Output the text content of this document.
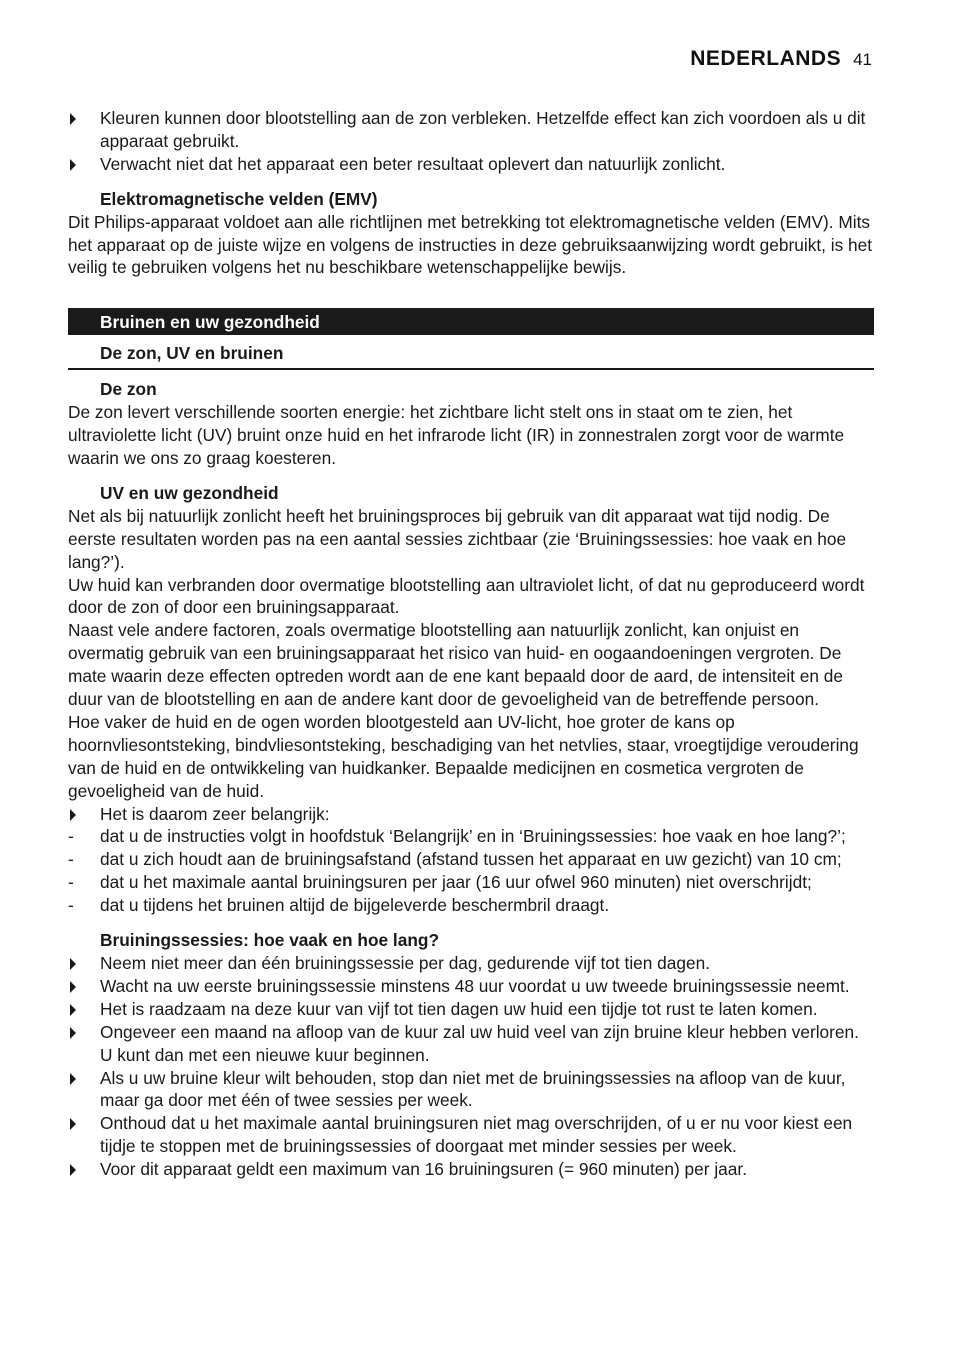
NEDERLANDS 41
Kleuren kunnen door blootstelling aan de zon verbleken. Hetzelfde effect kan zich voordoen als u dit apparaat gebruikt.
Verwacht niet dat het apparaat een beter resultaat oplevert dan natuurlijk zonlicht.
Elektromagnetische velden (EMV)
Dit Philips-apparaat voldoet aan alle richtlijnen met betrekking tot elektromagnetische velden (EMV). Mits het apparaat op de juiste wijze en volgens de instructies in deze gebruiksaanwijzing wordt gebruikt, is het veilig te gebruiken volgens het nu beschikbare wetenschappelijke bewijs.
Bruinen en uw gezondheid
De zon, UV en bruinen
De zon
De zon levert verschillende soorten energie: het zichtbare licht stelt ons in staat om te zien, het ultraviolette licht (UV) bruint onze huid en het infrarode licht (IR) in zonnestralen zorgt voor de warmte waarin we ons zo graag koesteren.
UV en uw gezondheid
Net als bij natuurlijk zonlicht heeft het bruiningsproces bij gebruik van dit apparaat wat tijd nodig. De eerste resultaten worden pas na een aantal sessies zichtbaar (zie ‘Bruiningssessies: hoe vaak en hoe lang?’).
Uw huid kan verbranden door overmatige blootstelling aan ultraviolet licht, of dat nu geproduceerd wordt door de zon of door een bruiningsapparaat.
Naast vele andere factoren, zoals overmatige blootstelling aan natuurlijk zonlicht, kan onjuist en overmatig gebruik van een bruiningsapparaat het risico van huid- en oogaandoeningen vergroten. De mate waarin deze effecten optreden wordt aan de ene kant bepaald door de aard, de intensiteit en de duur van de blootstelling en aan de andere kant door de gevoeligheid van de betreffende persoon.
Hoe vaker de huid en de ogen worden blootgesteld aan UV-licht, hoe groter de kans op hoornvliesontsteking, bindvliesontsteking, beschadiging van het netvlies, staar, vroegtijdige veroudering van de huid en de ontwikkeling van huidkanker. Bepaalde medicijnen en cosmetica vergroten de gevoeligheid van de huid.
Het is daarom zeer belangrijk:
- dat u de instructies volgt in hoofdstuk ‘Belangrijk’ en in ‘Bruiningssessies: hoe vaak en hoe lang?’;
- dat u zich houdt aan de bruiningsafstand (afstand tussen het apparaat en uw gezicht) van 10 cm;
- dat u het maximale aantal bruiningsuren per jaar (16 uur ofwel 960 minuten) niet overschrijdt;
- dat u tijdens het bruinen altijd de bijgeleverde beschermbril draagt.
Bruiningssessies: hoe vaak en hoe lang?
Neem niet meer dan één bruiningssessie per dag, gedurende vijf tot tien dagen.
Wacht na uw eerste bruiningssessie minstens 48 uur voordat u uw tweede bruiningssessie neemt.
Het is raadzaam na deze kuur van vijf tot tien dagen uw huid een tijdje tot rust te laten komen.
Ongeveer een maand na afloop van de kuur zal uw huid veel van zijn bruine kleur hebben verloren. U kunt dan met een nieuwe kuur beginnen.
Als u uw bruine kleur wilt behouden, stop dan niet met de bruiningssessies na afloop van de kuur, maar ga door met één of twee sessies per week.
Onthoud dat u het maximale aantal bruiningsuren niet mag overschrijden, of u er nu voor kiest een tijdje te stoppen met de bruiningssessies of doorgaat met minder sessies per week.
Voor dit apparaat geldt een maximum van 16 bruiningsuren (= 960 minuten) per jaar.
